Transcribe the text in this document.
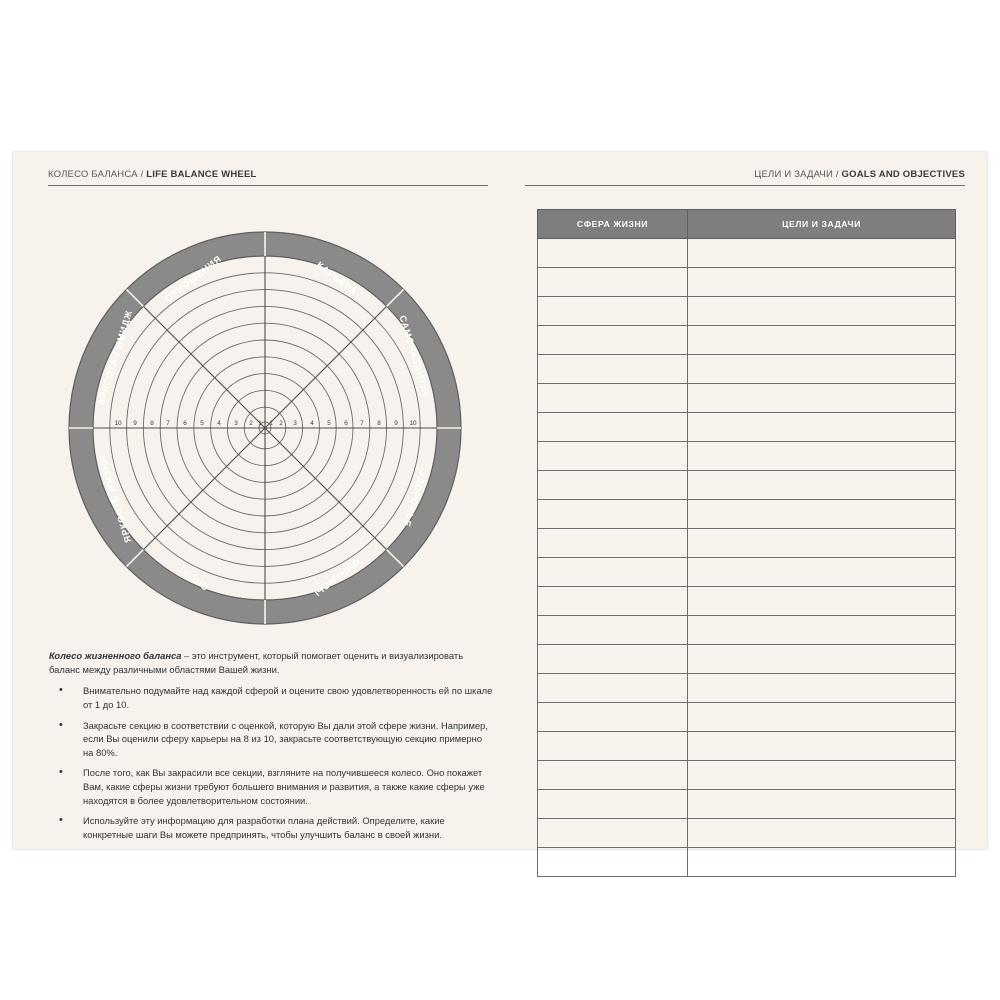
КОЛЕСО БАЛАНСА / LIFE BALANCE WHEEL	ЦЕЛИ И ЗАДАЧИ / GOALS AND OBJECTIVES
10 9 8 7 6 5 4 3 2 1 1 2 3 4 5 6 7 8 9 10
КАРЬЕРА
САМОРАЗВИТИЕ
ЗДОРОВЬЕ
ФИНАНСЫ
СПОРТ
ЯРКОСТЬ ЖИЗНИ
КРАСОТА / ИМИДЖ
ОТНОШЕНИЯ

Колесо жизненного баланса – это инструмент, который помогает оценить и визуализировать баланс между различными областями Вашей жизни.

• Внимательно подумайте над каждой сферой и оцените свою удовлетворенность ей по шкале от 1 до 10.
• Закрасьте секцию в соответствии с оценкой, которую Вы дали этой сфере жизни. Например, если Вы оценили сферу карьеры на 8 из 10, закрасьте соответствующую секцию примерно на 80%.
• После того, как Вы закрасили все секции, взгляните на получившееся колесо. Оно покажет Вам, какие сферы жизни требуют большего внимания и развития, а также какие сферы уже находятся в более удовлетворительном состоянии.
• Используйте эту информацию для разработки плана действий. Определите, какие конкретные шаги Вы можете предпринять, чтобы улучшить баланс в своей жизни.
СФЕРА ЖИЗНИ	ЦЕЛИ И ЗАДАЧИ
